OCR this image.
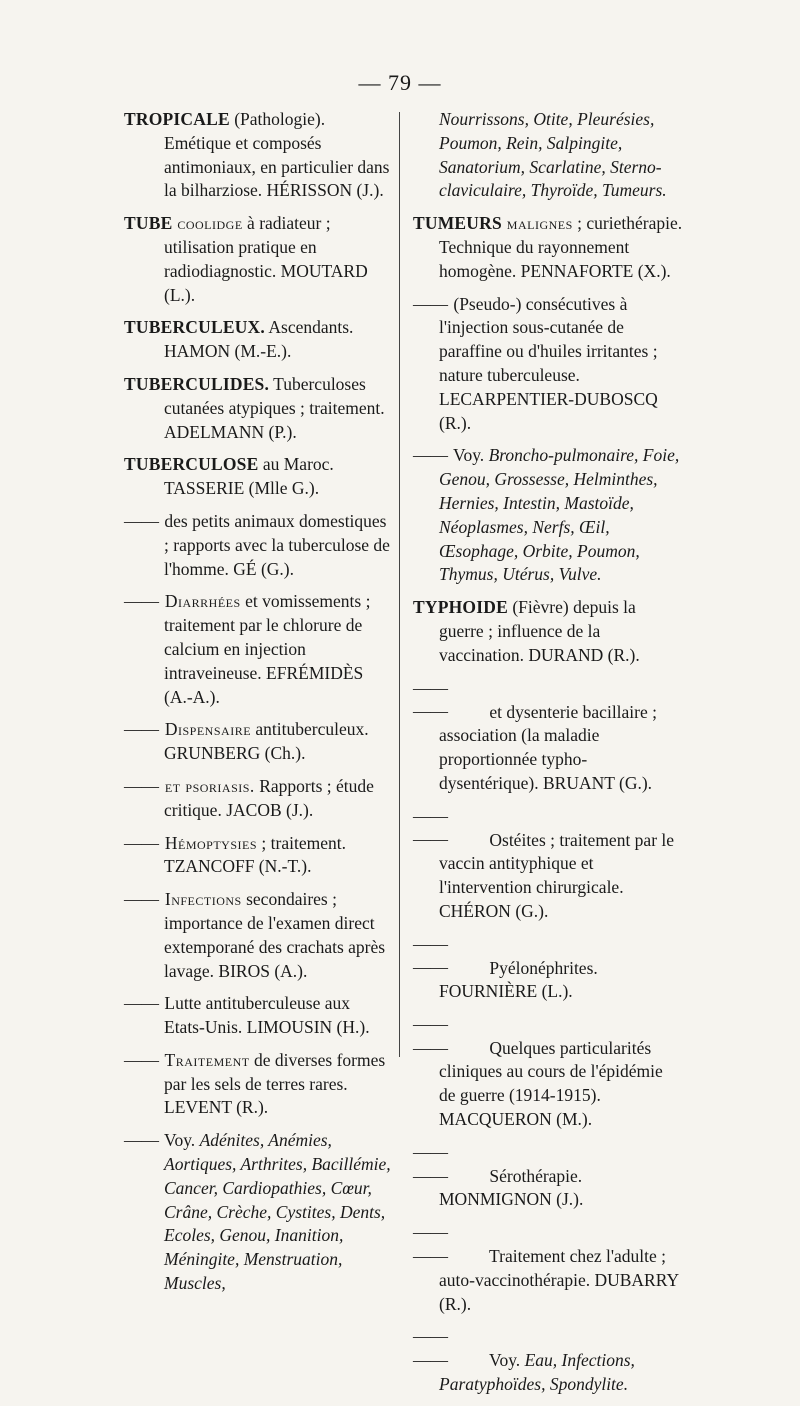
— 79 —
TROPICALE (Pathologie). Emétique et composés antimoniaux, en particulier dans la bilharziose. HÉRISSON (J.).
TUBE coolidge à radiateur ; utilisation pratique en radiodiagnostic. MOUTARD (L.).
TUBERCULEUX. Ascendants. HAMON (M.-E.).
TUBERCULIDES. Tuberculoses cutanées atypiques ; traitement. ADELMANN (P.).
TUBERCULOSE au Maroc. TASSERIE (Mlle G.).
—— des petits animaux domestiques ; rapports avec la tuberculose de l'homme. GÉ (G.).
—— Diarrhées et vomissements ; traitement par le chlorure de calcium en injection intraveineuse. EFRÉMIDÈS (A.-A.).
—— Dispensaire antituberculeux. GRUNBERG (Ch.).
—— et psoriasis. Rapports ; étude critique. JACOB (J.).
—— Hémoptysies ; traitement. TZANCOFF (N.-T.).
—— Infections secondaires ; importance de l'examen direct extemporané des crachats après lavage. BIROS (A.).
—— Lutte antituberculeuse aux Etats-Unis. LIMOUSIN (H.).
—— Traitement de diverses formes par les sels de terres rares. LEVENT (R.).
—— Voy. Adénites, Anémies, Aortiques, Arthrites, Bacillémie, Cancer, Cardiopathies, Cœur, Crâne, Crèche, Cystites, Dents, Ecoles, Genou, Inanition, Méningite, Menstruation, Muscles,
Nourrissons, Otite, Pleurésies, Poumon, Rein, Salpingite, Sanatorium, Scarlatine, Sterno-claviculaire, Thyroïde, Tumeurs.
TUMEURS malignes ; curiethérapie. Technique du rayonnement homogène. PENNAFORTE (X.).
—— (Pseudo-) consécutives à l'injection sous-cutanée de paraffine ou d'huiles irritantes ; nature tuberculeuse. LECARPENTIER-DUBOSCQ (R.).
—— Voy. Broncho-pulmonaire, Foie, Genou, Grossesse, Helminthes, Hernies, Intestin, Mastoïde, Néoplasmes, Nerfs, Œil, Œsophage, Orbite, Poumon, Thymus, Utérus, Vulve.
TYPHOIDE (Fièvre) depuis la guerre ; influence de la vaccination. DURAND (R.).
—— —— et dysenterie bacillaire ; association (la maladie proportionnée typho-dysentérique). BRUANT (G.).
—— —— Ostéites ; traitement par le vaccin antityphique et l'intervention chirurgicale. CHÉRON (G.).
—— —— Pyélonéphrites. FOURNIÈRE (L.).
—— —— Quelques particularités cliniques au cours de l'épidémie de guerre (1914-1915). MACQUERON (M.).
—— —— Sérothérapie. MONMIGNON (J.).
—— —— Traitement chez l'adulte ; auto-vaccinothérapie. DUBARRY (R.).
—— —— Voy. Eau, Infections, Paratyphoïdes, Spondylite.
